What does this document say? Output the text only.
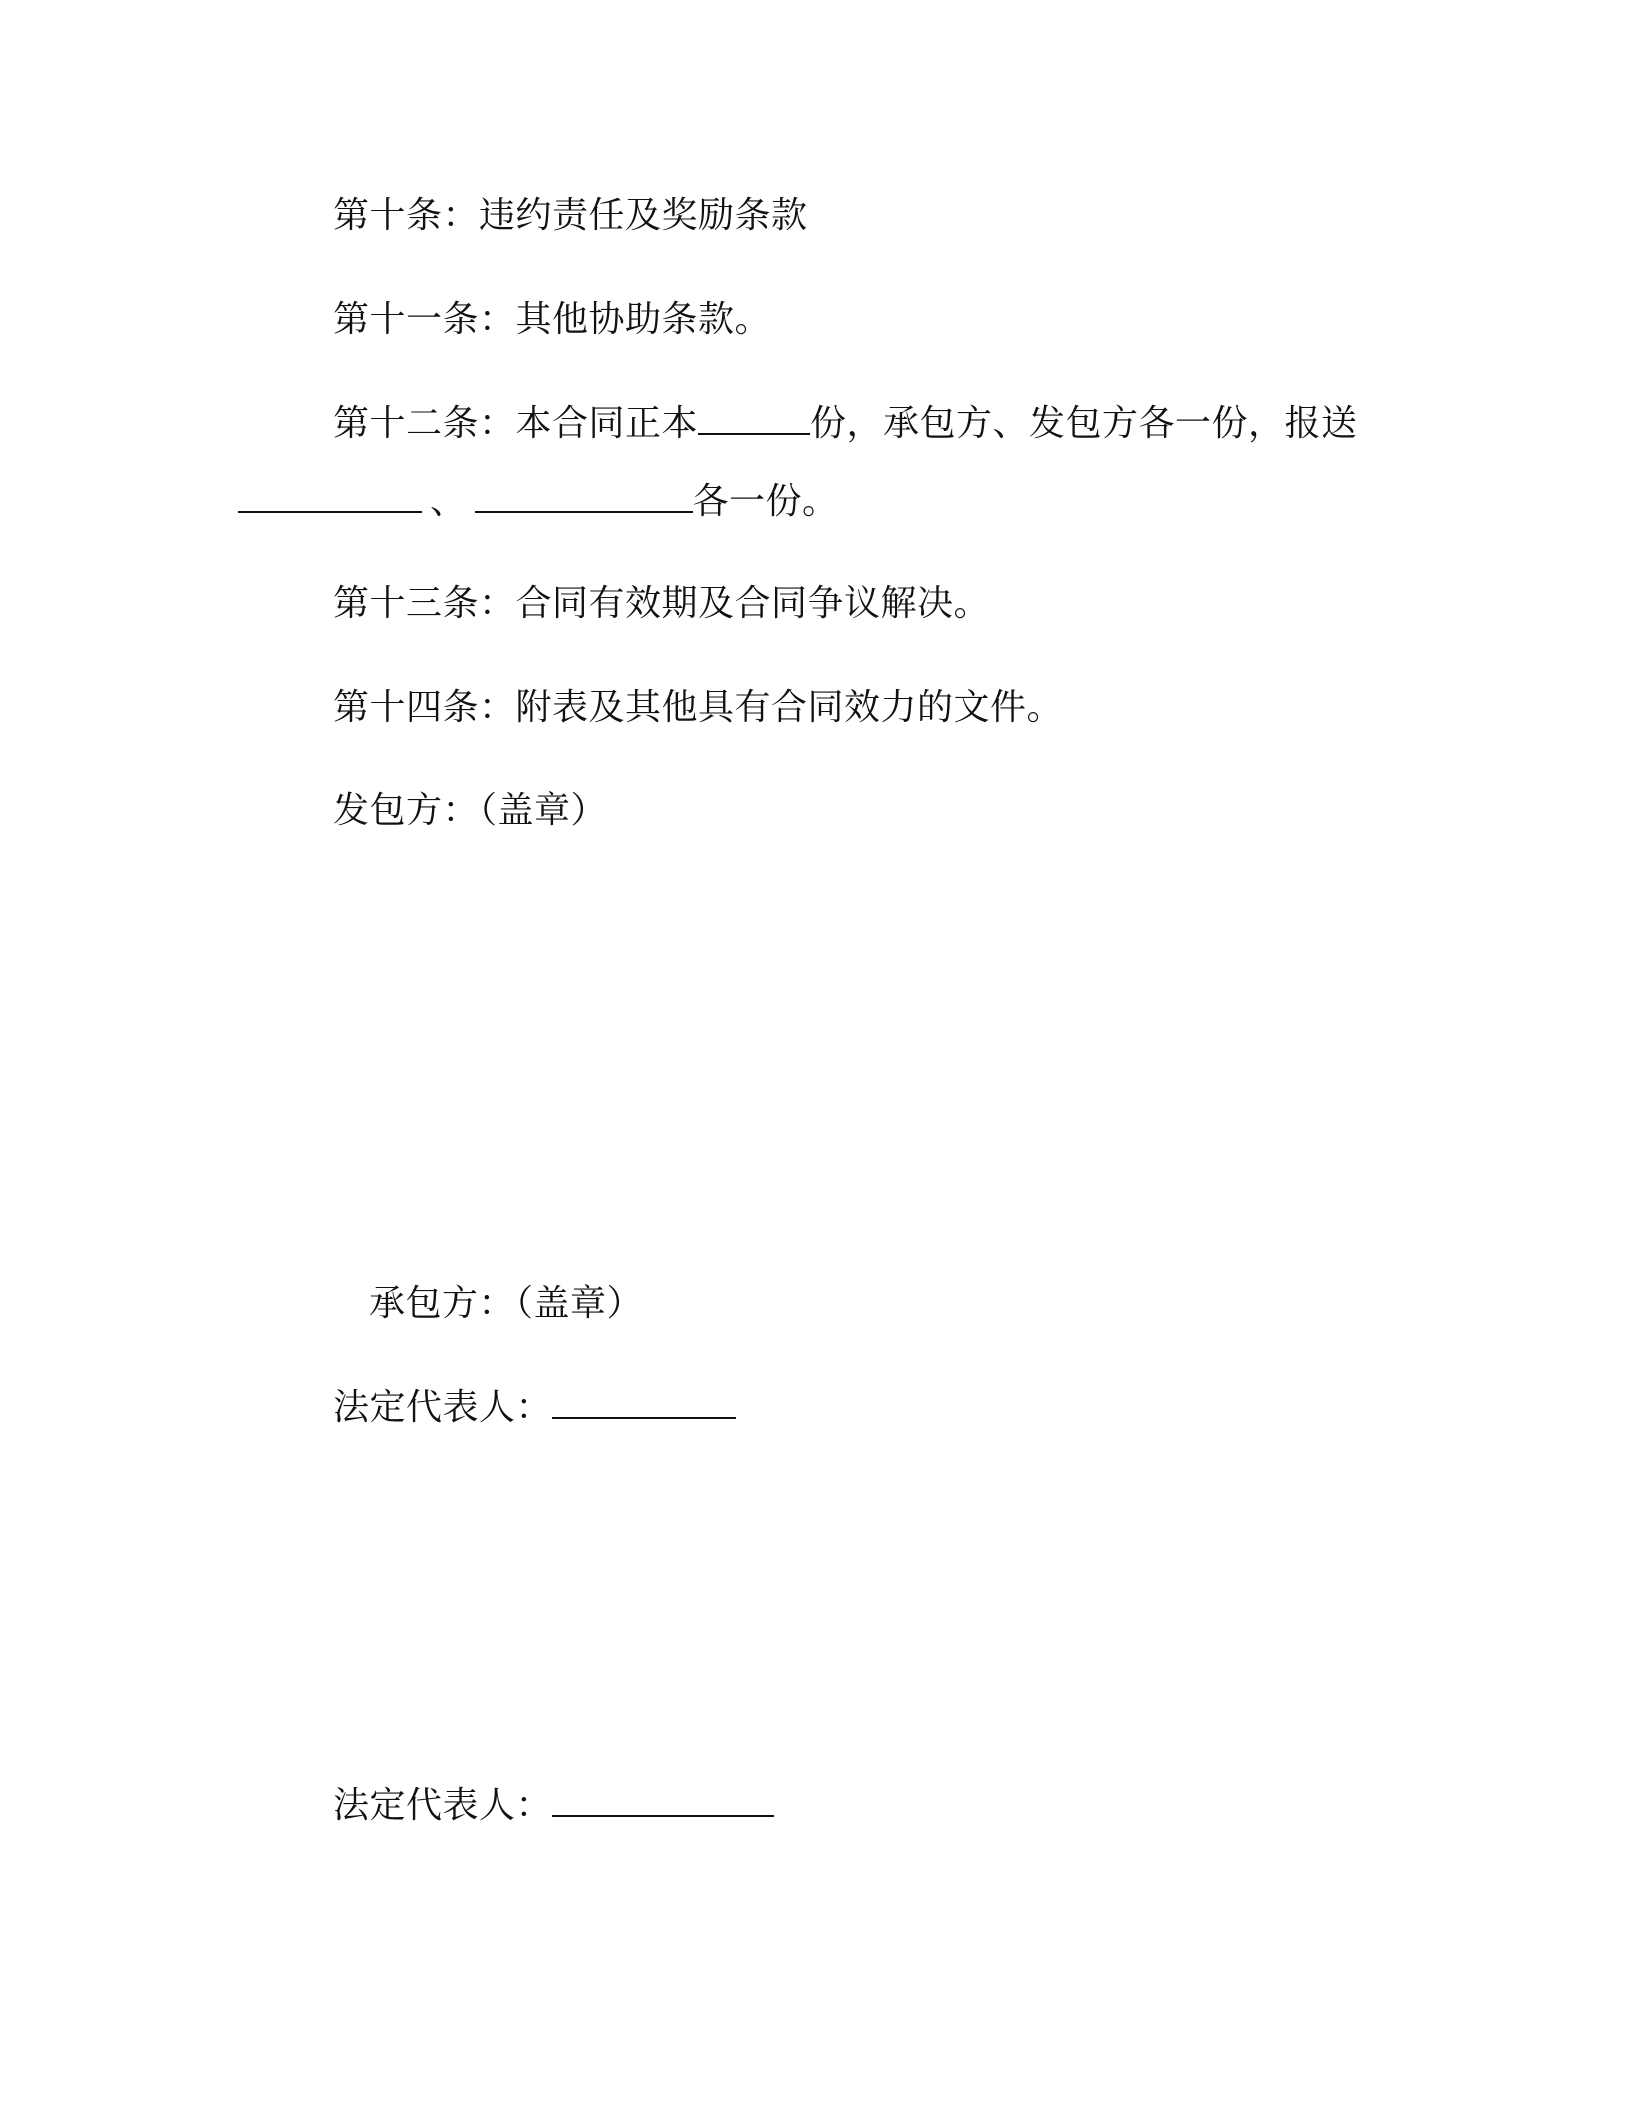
第十条：违约责任及奖励条款
第十一条：其他协助条款。
第十二条：本合同正本	份，承包方、发包方各一份，报送
、	各一份。
第十三条：合同有效期及合同争议解决。
第十四条：附表及其他具有合同效力的文件。
发包方：（盖章）
承包方：（盖章）
法定代表人：
法定代表人：
